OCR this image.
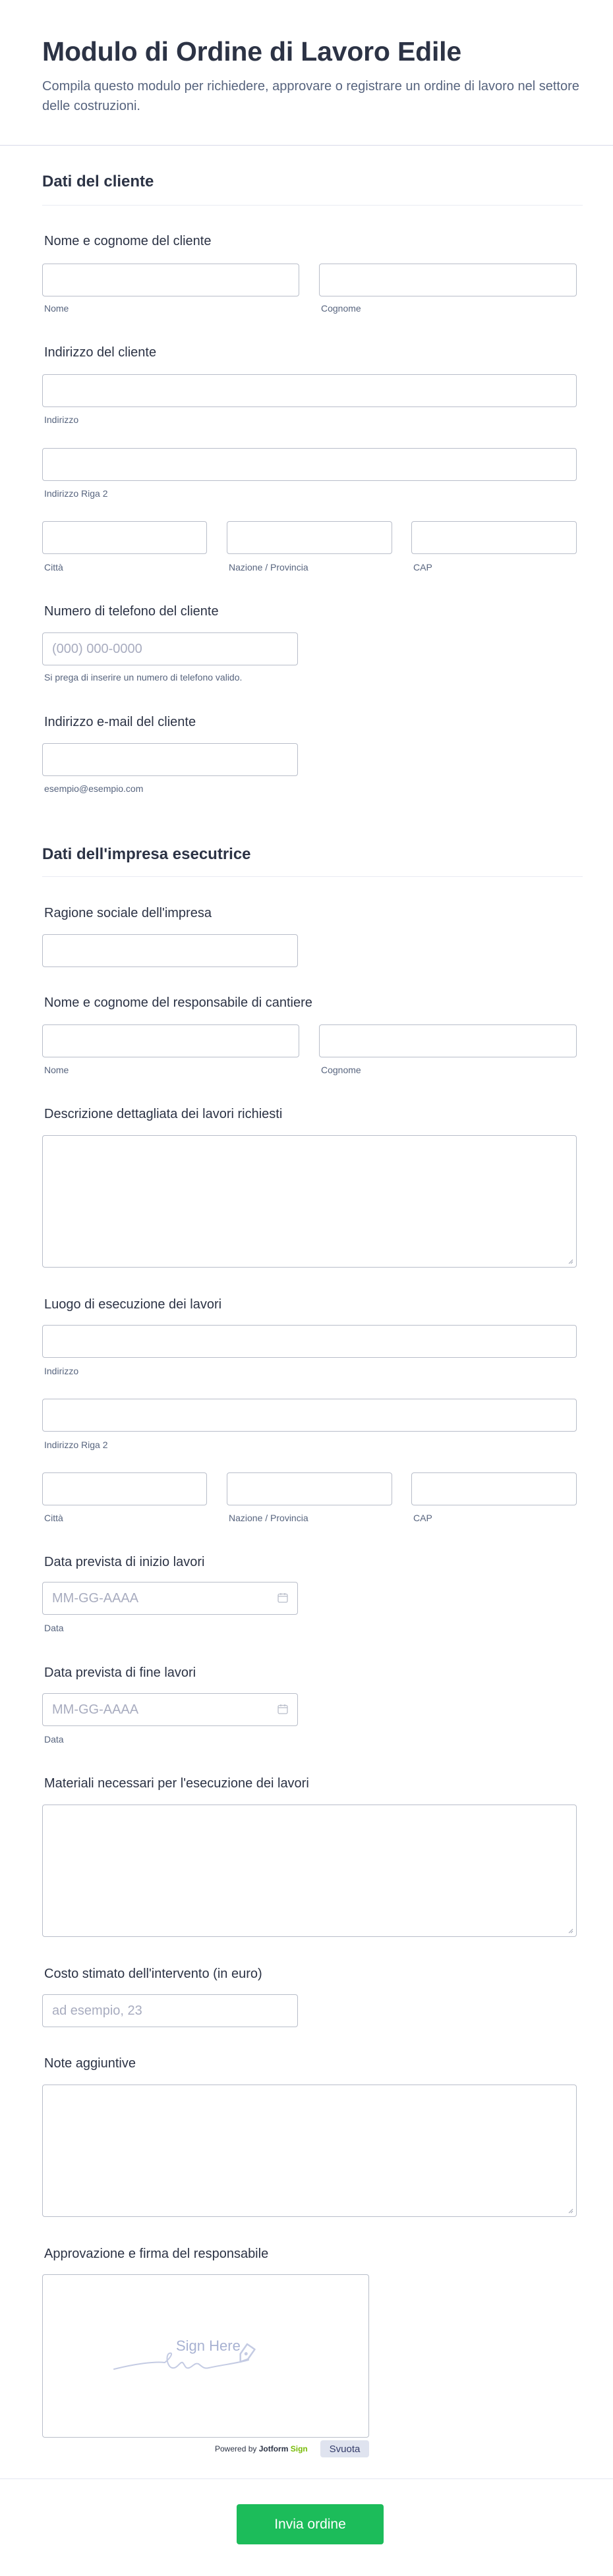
Modulo di Ordine di Lavoro Edile
Compila questo modulo per richiedere, approvare o registrare un ordine di lavoro nel settore delle costruzioni.
Dati del cliente
Nome e cognome del cliente
Nome	Cognome
Indirizzo del cliente
Indirizzo
Indirizzo Riga 2
Città	Nazione / Provincia	CAP
Numero di telefono del cliente
(000) 000-0000
Si prega di inserire un numero di telefono valido.
Indirizzo e-mail del cliente
esempio@esempio.com
Dati dell'impresa esecutrice
Ragione sociale dell'impresa
Nome e cognome del responsabile di cantiere
Nome	Cognome
Descrizione dettagliata dei lavori richiesti
Luogo di esecuzione dei lavori
Indirizzo
Indirizzo Riga 2
Città	Nazione / Provincia	CAP
Data prevista di inizio lavori
MM-GG-AAAA
Data
Data prevista di fine lavori
MM-GG-AAAA
Data
Materiali necessari per l'esecuzione dei lavori
Costo stimato dell'intervento (in euro)
ad esempio, 23
Note aggiuntive
Approvazione e firma del responsabile
Sign Here
Powered by Jotform Sign	Svuota
Invia ordine
